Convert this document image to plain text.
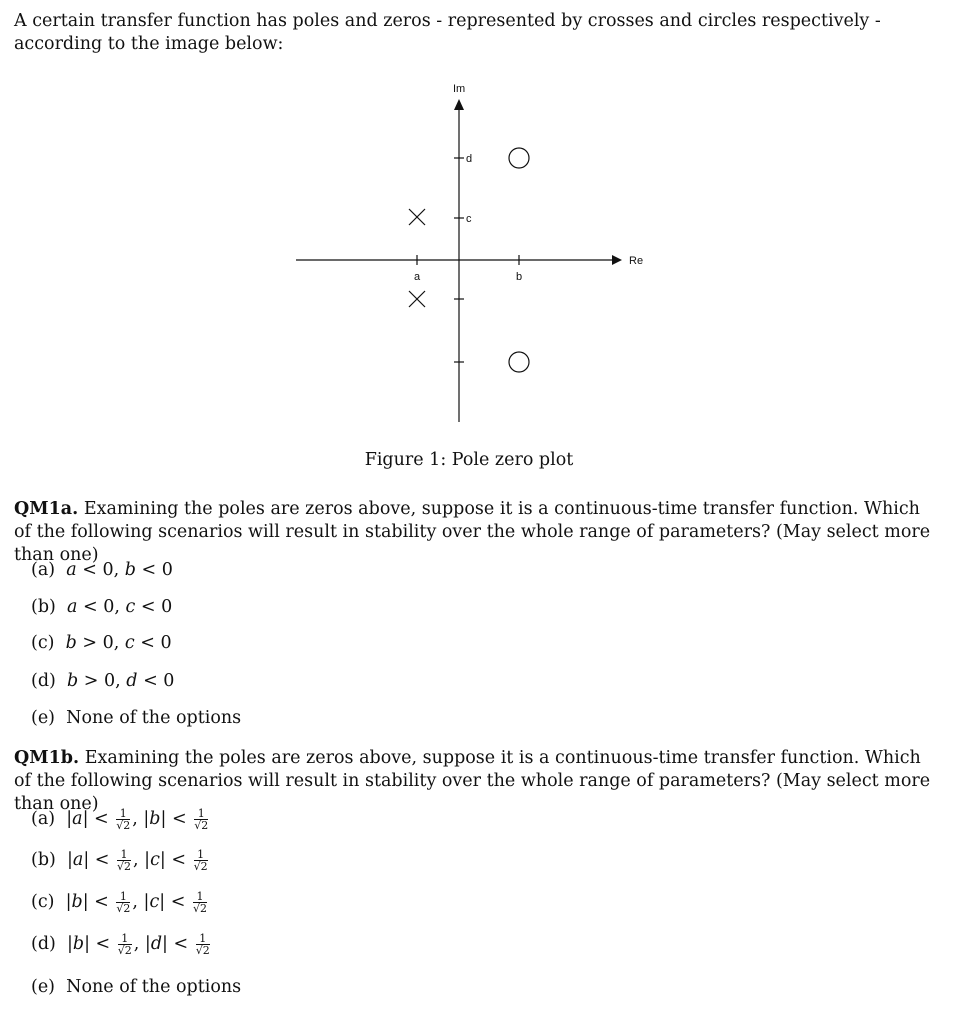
A certain transfer function has poles and zeros - represented by crosses and circles respectively - according to the image below:
Im
Re
a	b
c
d
Figure 1: Pole zero plot
QM1a. Examining the poles are zeros above, suppose it is a continuous-time transfer function. Which of the following scenarios will result in stability over the whole range of parameters? (May select more than one)
(a) a < 0, b < 0
(b) a < 0, c < 0
(c) b > 0, c < 0
(d) b > 0, d < 0
(e) None of the options
QM1b. Examining the poles are zeros above, suppose it is a continuous-time transfer function. Which of the following scenarios will result in stability over the whole range of parameters? (May select more than one)
(a)  $|a| < \frac{1}{√2}$ , $|b| < \frac{1}{√2}$
(b)  $|a| < \frac{1}{√2}$ , $|c| < \frac{1}{√2}$
(c)  $|b| < \frac{1}{√2}$ , $|c| < \frac{1}{√2}$
(d)  $|b| < \frac{1}{√2}$ , $|d| < \frac{1}{√2}$
(e) None of the options
